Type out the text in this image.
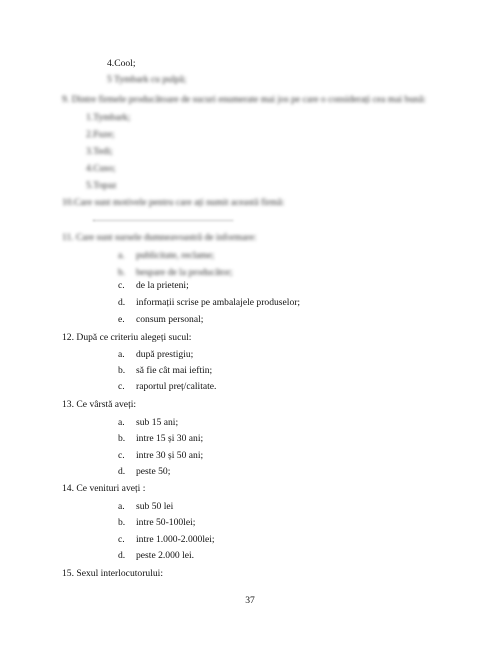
4.Cool;
5 Tymbark cu pulpă;
9. Dintre firmele producătoare de sucuri enumerate mai jos pe care o considerați cea mai bună:
1.Tymbark;
2.Fuze;
3.Tedi;
4.Cuso;
5.Topaz
10.Care sunt motivele pentru care ați numit această firmă:
11. Care sunt sursele dumneavoastră de informare:
a. publicitate, reclame;
b. bespare de la producător;
c. de la prieteni;
d. informații scrise pe ambalajele produselor;
e. consum personal;
12. După ce criteriu alegeți sucul:
a. după prestigiu;
b. să fie cât mai ieftin;
c. raportul preț/calitate.
13. Ce vârstă aveți:
a. sub 15 ani;
b. intre 15 și 30 ani;
c. intre 30 și 50 ani;
d. peste 50;
14. Ce venituri aveți :
a. sub 50 lei
b. intre 50-100lei;
c. intre 1.000-2.000lei;
d. peste 2.000 lei.
15. Sexul interlocutorului:
37
